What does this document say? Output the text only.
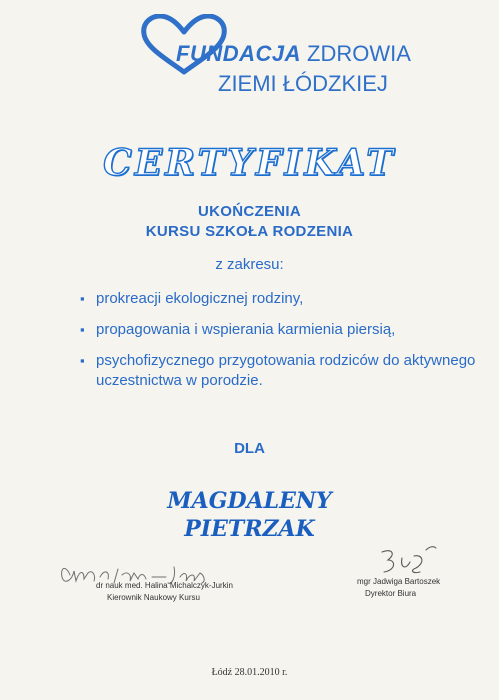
FUNDACJA ZDROWIA
ZIEMI ŁÓDZKIEJ
CERTYFIKAT
UKOŃCZENIA
KURSU SZKOŁA RODZENIA
z zakresu:
▪ prokreacji ekologicznej rodziny,
▪ propagowania i wspierania karmienia piersią,
▪ psychofizycznego przygotowania rodziców do aktywnego uczestnictwa w porodzie.
DLA
MAGDALENY
PIETRZAK
dr nauk med. Halina Michalczyk-Jurkin
Kierownik Naukowy Kursu
mgr Jadwiga Bartoszek
Dyrektor Biura
Łódź 28.01.2010 r.
